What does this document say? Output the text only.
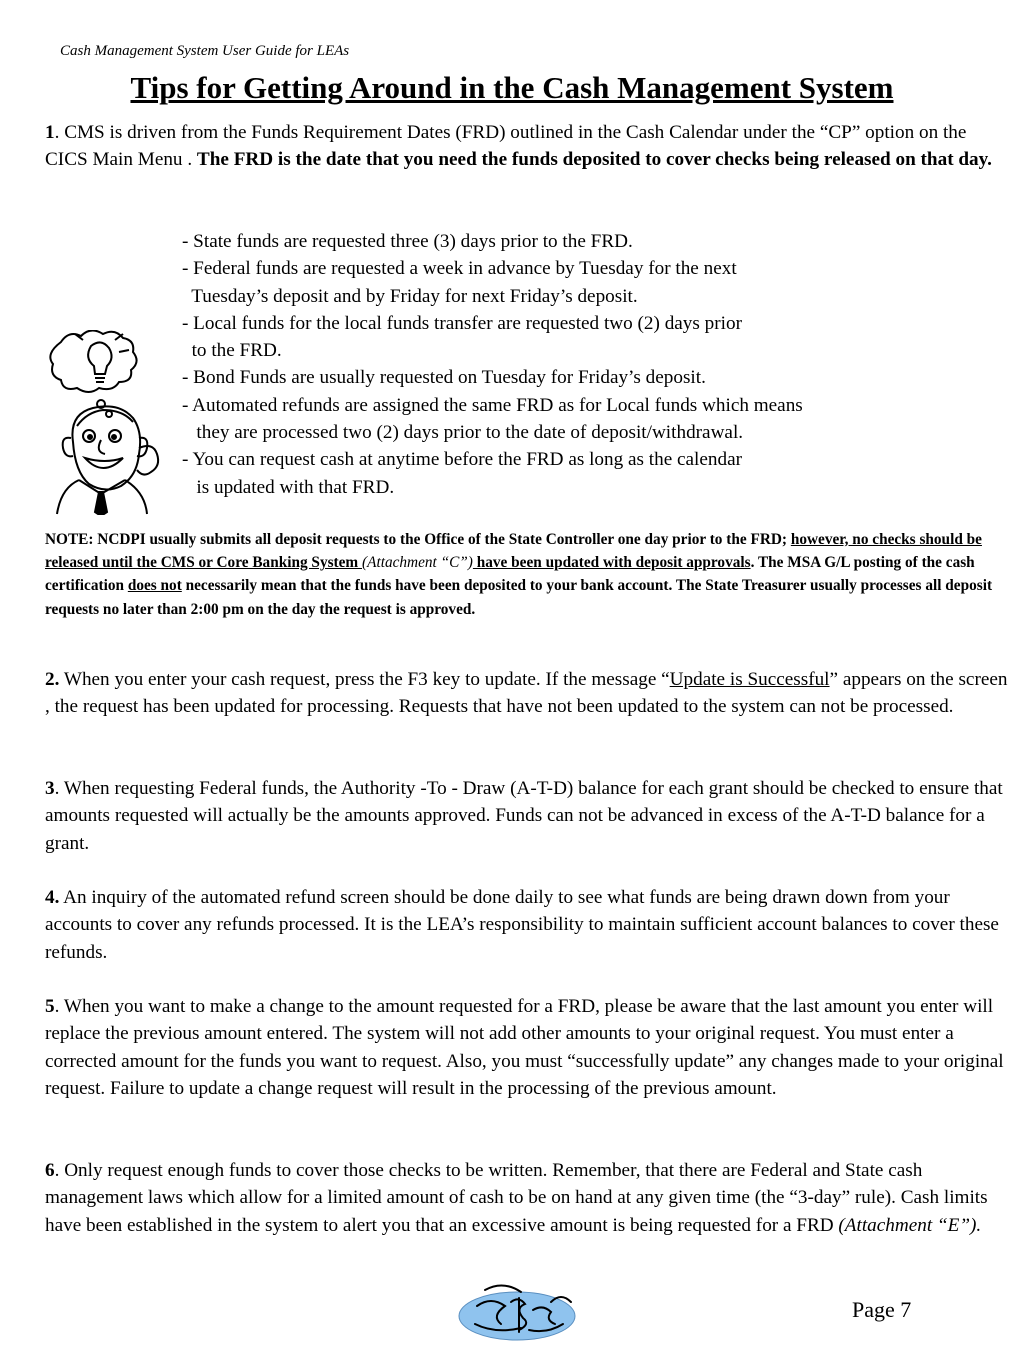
Cash Management System User Guide for LEAs
Tips for Getting Around in the Cash Management System

1. CMS is driven from the Funds Requirement Dates (FRD) outlined in the Cash Calendar under the “CP” option on the CICS Main Menu . The FRD is the date that you need the funds deposited to cover checks being released on that day.

- State funds are requested three (3) days prior to the FRD.
- Federal funds are requested a week in advance by Tuesday for the next
Tuesday’s deposit and by Friday for next Friday’s deposit.
- Local funds for the local funds transfer are requested two (2) days prior
to the FRD.
- Bond Funds are usually requested on Tuesday for Friday’s deposit.
- Automated refunds are assigned the same FRD as for Local funds which means
they are processed two (2) days prior to the date of deposit/withdrawal.
- You can request cash at anytime before the FRD as long as the calendar
is updated with that FRD.

NOTE: NCDPI usually submits all deposit requests to the Office of the State Controller one day prior to the FRD; however, no checks should be released until the CMS or Core Banking System (Attachment “C”) have been updated with deposit approvals. The MSA G/L posting of the cash certification does not necessarily mean that the funds have been deposited to your bank account. The State Treasurer usually processes all deposit requests no later than 2:00 pm on the day the request is approved.

2. When you enter your cash request, press the F3 key to update. If the message “Update is Successful” appears on the screen , the request has been updated for processing. Requests that have not been updated to the system can not be processed.

3. When requesting Federal funds, the Authority -To - Draw (A-T-D) balance for each grant should be checked to ensure that amounts requested will actually be the amounts approved. Funds can not be advanced in excess of the A-T-D balance for a grant.

4. An inquiry of the automated refund screen should be done daily to see what funds are being drawn down from your accounts to cover any refunds processed. It is the LEA’s responsibility to maintain sufficient account balances to cover these refunds.

5. When you want to make a change to the amount requested for a FRD, please be aware that the last amount you enter will replace the previous amount entered. The system will not add other amounts to your original request. You must enter a corrected amount for the funds you want to request. Also, you must “successfully update” any changes made to your original request. Failure to update a change request will result in the processing of the previous amount.

6. Only request enough funds to cover those checks to be written. Remember, that there are Federal and State cash management laws which allow for a limited amount of cash to be on hand at any given time (the “3-day” rule). Cash limits have been established in the system to alert you that an excessive amount is being requested for a FRD (Attachment “E”).

Page 7
